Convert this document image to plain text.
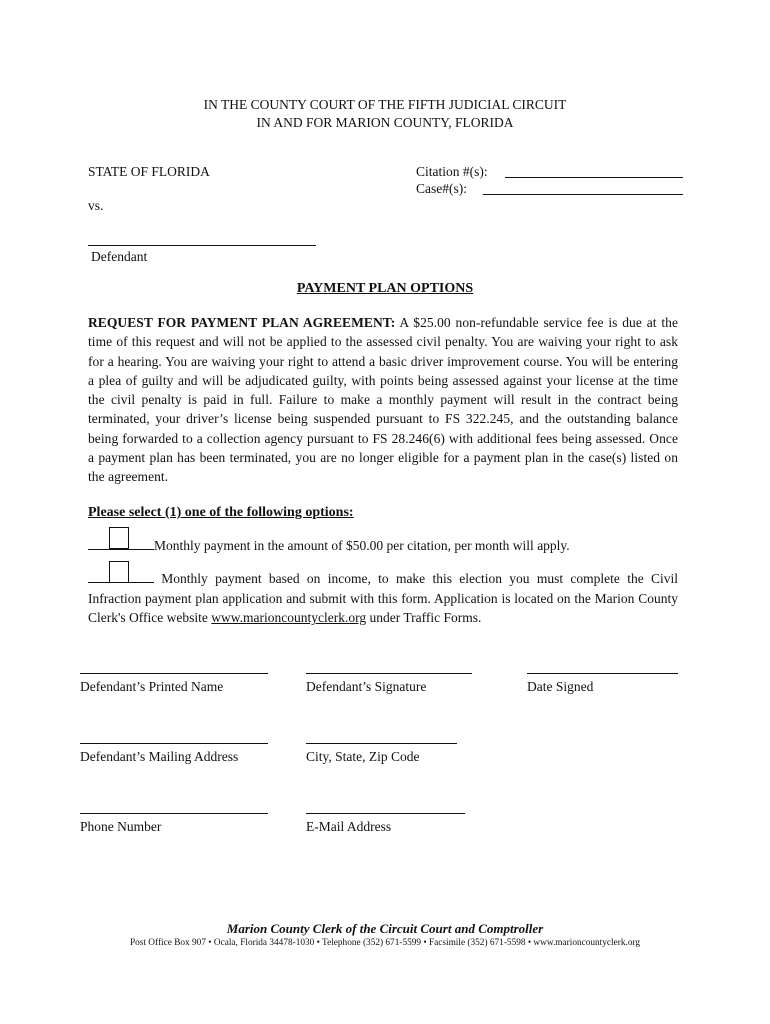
IN THE COUNTY COURT OF THE FIFTH JUDICIAL CIRCUIT
IN AND FOR MARION COUNTY, FLORIDA
STATE OF FLORIDA
vs.
Citation #(s):
Case#(s):
Defendant
PAYMENT PLAN OPTIONS
REQUEST FOR PAYMENT PLAN AGREEMENT: A $25.00 non-refundable service fee is due at the time of this request and will not be applied to the assessed civil penalty. You are waiving your right to ask for a hearing. You are waiving your right to attend a basic driver improvement course. You will be entering a plea of guilty and will be adjudicated guilty, with points being assessed against your license at the time the civil penalty is paid in full. Failure to make a monthly payment will result in the contract being terminated, your driver’s license being suspended pursuant to FS 322.245, and the outstanding balance being forwarded to a collection agency pursuant to FS 28.246(6) with additional fees being assessed. Once a payment plan has been terminated, you are no longer eligible for a payment plan in the case(s) listed on the agreement.
Please select (1) one of the following options:
Monthly payment in the amount of $50.00 per citation, per month will apply.
Monthly payment based on income, to make this election you must complete the Civil Infraction payment plan application and submit with this form. Application is located on the Marion County Clerk's Office website www.marioncountyclerk.org under Traffic Forms.
Defendant’s Printed Name	Defendant’s Signature	Date Signed
Defendant’s Mailing Address	City, State, Zip Code
Phone Number	E-Mail Address
Marion County Clerk of the Circuit Court and Comptroller
Post Office Box 907 • Ocala, Florida 34478-1030 • Telephone (352) 671-5599 • Facsimile (352) 671-5598 • www.marioncountyclerk.org
